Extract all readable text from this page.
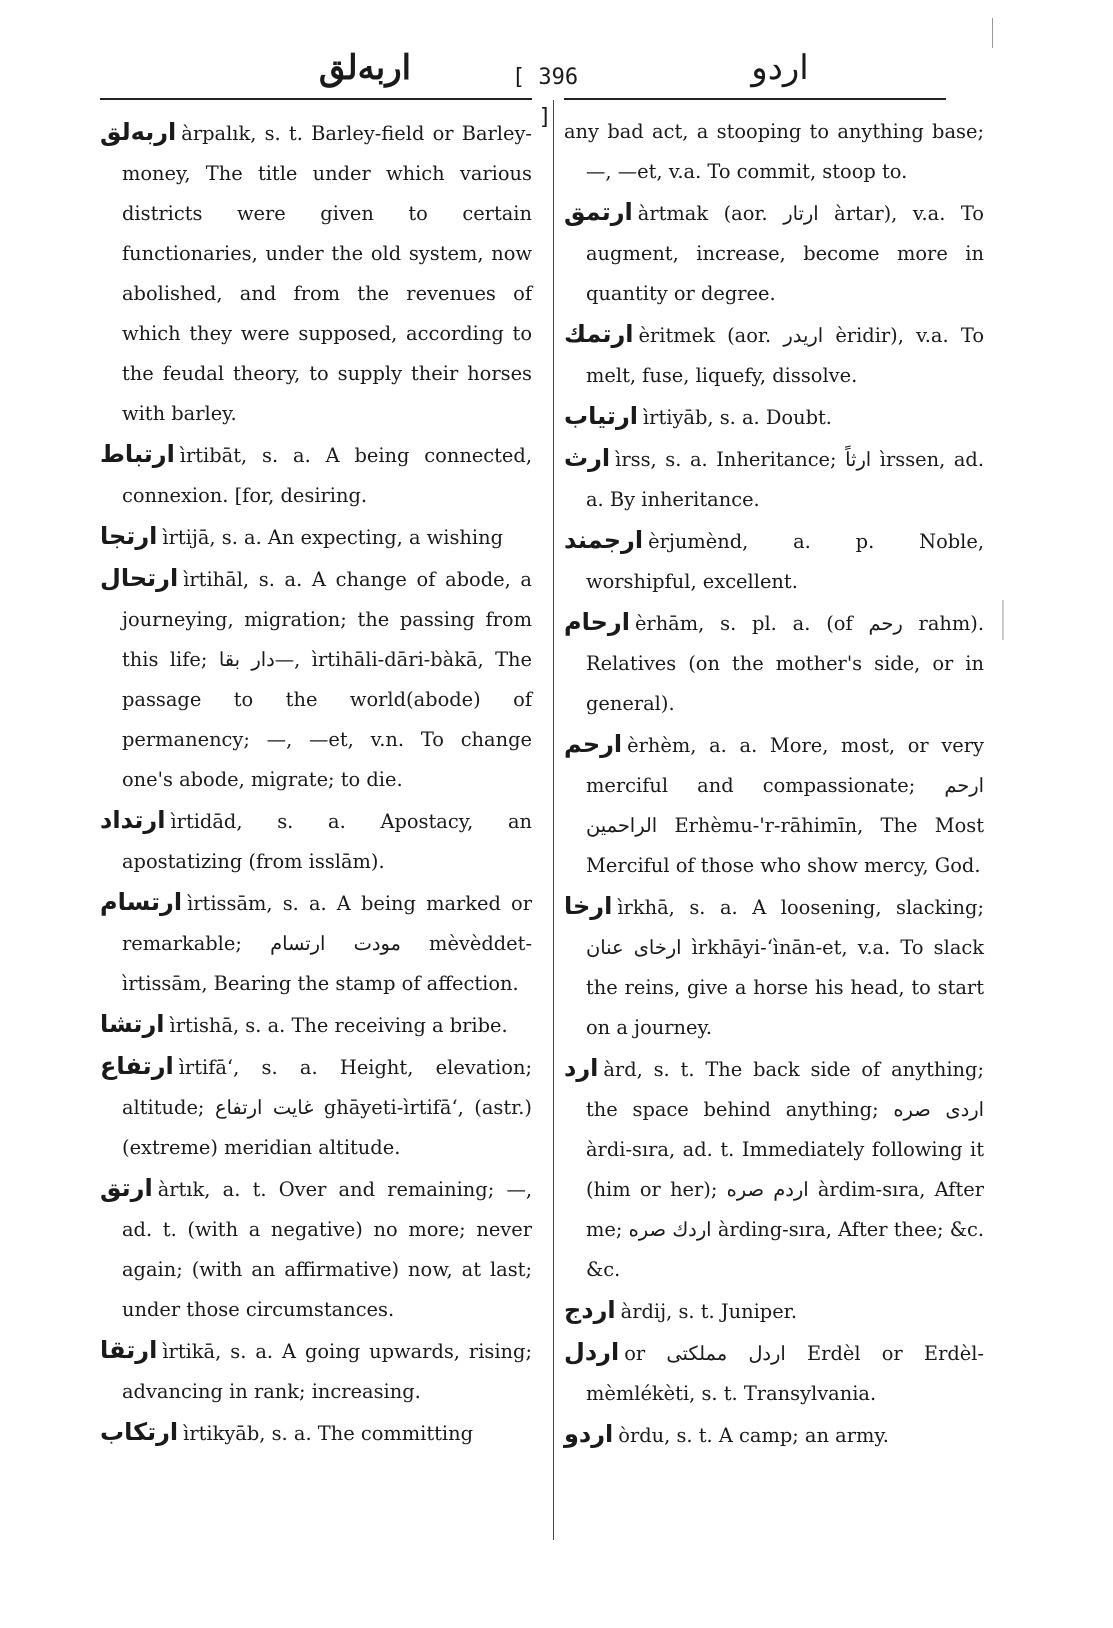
اربه‌لق	[ 396 ]
اردو

اربه‌لق àrpalık, s. t. Barley-field or Barley-money, The title under which various districts were given to certain functionaries, under the old system, now abolished, and from the revenues of which they were supposed, according to the feudal theory, to supply their horses with barley.

ارتباط ìrtibāt, s. a. A being connected, connexion. [for, desiring.

ارتجا ìrtijā, s. a. An expecting, a wishing

ارتحال ìrtihāl, s. a. A change of abode, a journeying, migration; the passing from this life; دار بقا—, ìrtihāli-dāri-bàkā, The passage to the world(abode) of permanency; —, —et, v.n. To change one's abode, migrate; to die.

ارتداد ìrtidād, s. a. Apostacy, an apostatizing (from isslām).

ارتسام ìrtissām, s. a. A being marked or remarkable; مودت ارتسام mèvèddet-ìrtissām, Bearing the stamp of affection.

ارتشا ìrtishā, s. a. The receiving a bribe.

ارتفاع ìrtifā‘, s. a. Height, elevation; altitude; غایت ارتفاع ghāyeti-ìrtifā‘, (astr.) (extreme) meridian altitude.

ارتق àrtık, a. t. Over and remaining; —, ad. t. (with a negative) no more; never again; (with an affirmative) now, at last; under those circumstances.

ارتقا ìrtikā, s. a. A going upwards, rising; advancing in rank; increasing.

ارتکاب ìrtikyāb, s. a. The committing

any bad act, a stooping to anything base; —, —et, v.a. To commit, stoop to.

ارتمق àrtmak (aor. ارتار àrtar), v.a. To augment, increase, become more in quantity or degree.

ارتمك èritmek (aor. اریدر èridir), v.a. To melt, fuse, liquefy, dissolve.

ارتیاب ìrtiyāb, s. a. Doubt.

ارث ìrss, s. a. Inheritance; ارثاً ìrssen, ad. a. By inheritance.

ارجمند èrjumènd, a. p. Noble, worshipful, excellent.

ارحام èrhām, s. pl. a. (of رحم rahm). Relatives (on the mother's side, or in general).

ارحم èrhèm, a. a. More, most, or very merciful and compassionate; ارحم الراحمین Erhèmu-'r-rāhimīn, The Most Merciful of those who show mercy, God.

ارخا ìrkhā, s. a. A loosening, slacking; ارخای عنان ìrkhāyi-‘ìnān-et, v.a. To slack the reins, give a horse his head, to start on a journey.

ارد àrd, s. t. The back side of anything; the space behind anything; اردی صره àrdi-sıra, ad. t. Immediately following it (him or her); اردم صره àrdim-sıra, After me; اردك صره àrding-sıra, After thee; &c. &c.

اردج àrdij, s. t. Juniper.

اردل or اردل مملکتی Erdèl or Erdèl-mèmlékèti, s. t. Transylvania.

اردو òrdu, s. t. A camp; an army.
